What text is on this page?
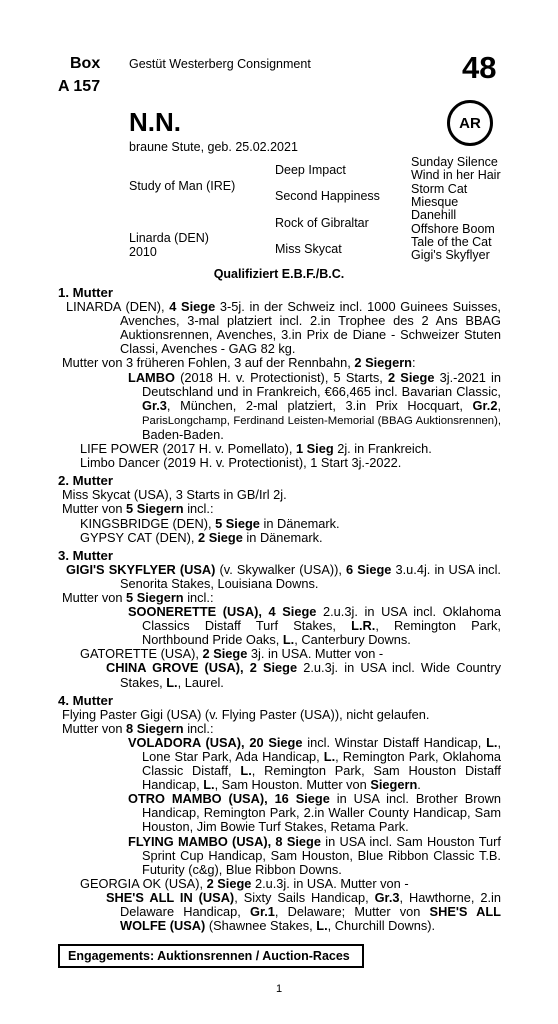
Box
A 157
Gestüt Westerberg Consignment	48
AR
N.N.
braune Stute, geb. 25.02.2021
Study of Man (IRE)
Linarda (DEN)
2010
Deep Impact
Second Happiness
Rock of Gibraltar
Miss Skycat
Sunday Silence
Wind in her Hair
Storm Cat
Miesque
Danehill
Offshore Boom
Tale of the Cat
Gigi's Skyflyer
Qualifiziert E.B.F./B.C.
1. Mutter
LINARDA (DEN), 4 Siege 3-5j. in der Schweiz incl. 1000 Guinees Suisses, Avenches, 3-mal platziert incl. 2.in Trophee des 2 Ans BBAG Auktionsrennen, Avenches, 3.in Prix de Diane - Schweizer Stuten Classi, Avenches - GAG 82 kg.
Mutter von 3 früheren Fohlen, 3 auf der Rennbahn, 2 Siegern:
LAMBO (2018 H. v. Protectionist), 5 Starts, 2 Siege 3j.-2021 in Deutschland und in Frankreich, €66,465 incl. Bavarian Classic, Gr.3, München, 2-mal platziert, 3.in Prix Hocquart, Gr.2, ParisLongchamp, Ferdinand Leisten-Memorial (BBAG Auktionsrennen), Baden-Baden.
LIFE POWER (2017 H. v. Pomellato), 1 Sieg 2j. in Frankreich.
Limbo Dancer (2019 H. v. Protectionist), 1 Start 3j.-2022.
2. Mutter
Miss Skycat (USA), 3 Starts in GB/Irl 2j.
Mutter von 5 Siegern incl.:
KINGSBRIDGE (DEN), 5 Siege in Dänemark.
GYPSY CAT (DEN), 2 Siege in Dänemark.
3. Mutter
GIGI'S SKYFLYER (USA) (v. Skywalker (USA)), 6 Siege 3.u.4j. in USA incl. Senorita Stakes, Louisiana Downs.
Mutter von 5 Siegern incl.:
SOONERETTE (USA), 4 Siege 2.u.3j. in USA incl. Oklahoma Classics Distaff Turf Stakes, L.R., Remington Park, Northbound Pride Oaks, L., Canterbury Downs.
GATORETTE (USA), 2 Siege 3j. in USA. Mutter von -
CHINA GROVE (USA), 2 Siege 2.u.3j. in USA incl. Wide Country Stakes, L., Laurel.
4. Mutter
Flying Paster Gigi (USA) (v. Flying Paster (USA)), nicht gelaufen.
Mutter von 8 Siegern incl.:
VOLADORA (USA), 20 Siege incl. Winstar Distaff Handicap, L., Lone Star Park, Ada Handicap, L., Remington Park, Oklahoma Classic Distaff, L., Remington Park, Sam Houston Distaff Handicap, L., Sam Houston. Mutter von Siegern.
OTRO MAMBO (USA), 16 Siege in USA incl. Brother Brown Handicap, Remington Park, 2.in Waller County Handicap, Sam Houston, Jim Bowie Turf Stakes, Retama Park.
FLYING MAMBO (USA), 8 Siege in USA incl. Sam Houston Turf Sprint Cup Handicap, Sam Houston, Blue Ribbon Classic T.B. Futurity (c&g), Blue Ribbon Downs.
GEORGIA OK (USA), 2 Siege 2.u.3j. in USA. Mutter von -
SHE'S ALL IN (USA), Sixty Sails Handicap, Gr.3, Hawthorne, 2.in Delaware Handicap, Gr.1, Delaware; Mutter von SHE'S ALL WOLFE (USA) (Shawnee Stakes, L., Churchill Downs).
Engagements: Auktionsrennen / Auction-Races
1
